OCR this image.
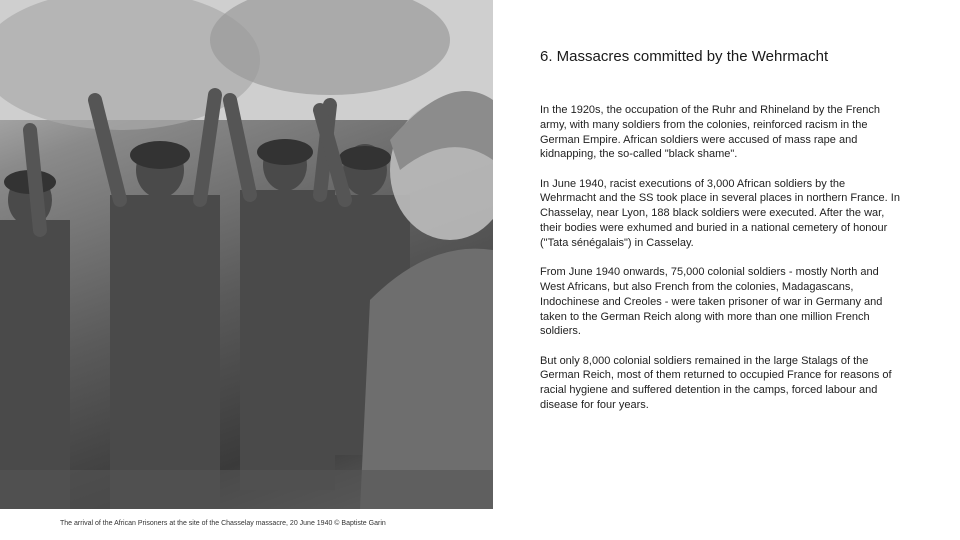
The arrival of the African Prisoners at the site of the Chasselay massacre, 20 June 1940 © Baptiste Garin
6. Massacres committed by the Wehrmacht

In the 1920s, the occupation of the Ruhr and Rhineland by the French army, with many soldiers from the colonies, reinforced racism in the German Empire. African soldiers were accused of mass rape and kidnapping, the so-called "black shame".

In June 1940, racist executions of 3,000 African soldiers by the Wehrmacht and the SS took place in several places in northern France. In Chasselay, near Lyon, 188 black soldiers were executed. After the war, their bodies were exhumed and buried in a national cemetery of honour ("Tata sénégalais") in Casselay.

From June 1940 onwards, 75,000 colonial soldiers - mostly North and West Africans, but also French from the colonies, Madagascans, Indochinese and Creoles - were taken prisoner of war in Germany and taken to the German Reich along with more than one million French soldiers.

But only 8,000 colonial soldiers remained in the large Stalags of the German Reich, most of them returned to occupied France for reasons of racial hygiene and suffered detention in the camps, forced labour and disease for four years.
